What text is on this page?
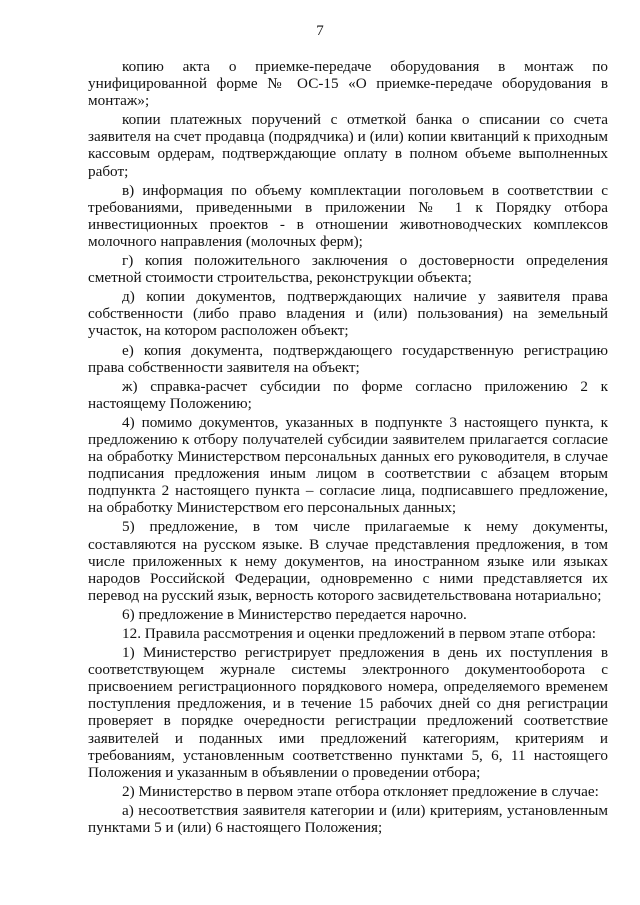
7

копию акта о приемке-передаче оборудования в монтаж по унифицированной форме № ОС-15 «О приемке-передаче оборудования в монтаж»;

копии платежных поручений с отметкой банка о списании со счета заявителя на счет продавца (подрядчика) и (или) копии квитанций к приходным кассовым ордерам, подтверждающие оплату в полном объеме выполненных работ;

в) информация по объему комплектации поголовьем в соответствии с требованиями, приведенными в приложении № 1 к Порядку отбора инвестиционных проектов - в отношении животноводческих комплексов молочного направления (молочных ферм);

г) копия положительного заключения о достоверности определения сметной стоимости строительства, реконструкции объекта;

д) копии документов, подтверждающих наличие у заявителя права собственности (либо право владения и (или) пользования) на земельный участок, на котором расположен объект;

е) копия документа, подтверждающего государственную регистрацию права собственности заявителя на объект;

ж) справка-расчет субсидии по форме согласно приложению 2 к настоящему Положению;

4) помимо документов, указанных в подпункте 3 настоящего пункта, к предложению к отбору получателей субсидии заявителем прилагается согласие на обработку Министерством персональных данных его руководителя, в случае подписания предложения иным лицом в соответствии с абзацем вторым подпункта 2 настоящего пункта – согласие лица, подписавшего предложение, на обработку Министерством его персональных данных;

5) предложение, в том числе прилагаемые к нему документы, составляются на русском языке. В случае представления предложения, в том числе приложенных к нему документов, на иностранном языке или языках народов Российской Федерации, одновременно с ними представляется их перевод на русский язык, верность которого засвидетельствована нотариально;

6) предложение в Министерство передается нарочно.

12. Правила рассмотрения и оценки предложений в первом этапе отбора:

1) Министерство регистрирует предложения в день их поступления в соответствующем журнале системы электронного документооборота с присвоением регистрационного порядкового номера, определяемого временем поступления предложения, и в течение 15 рабочих дней со дня регистрации проверяет в порядке очередности регистрации предложений соответствие заявителей и поданных ими предложений категориям, критериям и требованиям, установленным соответственно пунктами 5, 6, 11 настоящего Положения и указанным в объявлении о проведении отбора;

2) Министерство в первом этапе отбора отклоняет предложение в случае:

а) несоответствия заявителя категории и (или) критериям, установленным пунктами 5 и (или) 6 настоящего Положения;
